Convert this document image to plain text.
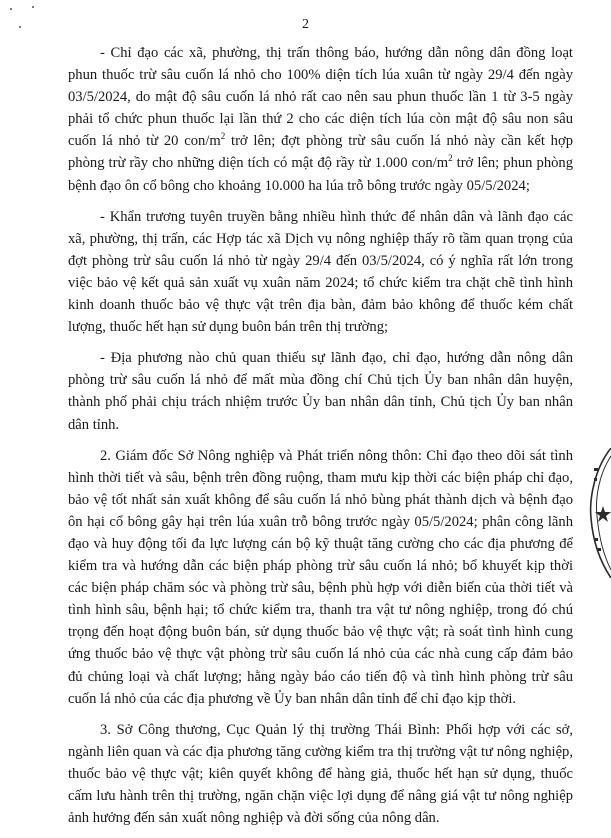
2

- Chỉ đạo các xã, phường, thị trấn thông báo, hướng dẫn nông dân đồng loạt phun thuốc trừ sâu cuốn lá nhỏ cho 100% diện tích lúa xuân từ ngày 29/4 đến ngày 03/5/2024, do mật độ sâu cuốn lá nhỏ rất cao nên sau phun thuốc lần 1 từ 3-5 ngày phải tổ chức phun thuốc lại lần thứ 2 cho các diện tích lúa còn mật độ sâu non sâu cuốn lá nhỏ từ 20 con/$m^2$ trở lên; đợt phòng trừ sâu cuốn lá nhỏ này cần kết hợp phòng trừ rầy cho những diện tích có mật độ rầy từ 1.000 con/$m^2$ trở lên; phun phòng bệnh đạo ôn cổ bông cho khoảng 10.000 ha lúa trỗ bông trước ngày 05/5/2024;

- Khẩn trương tuyên truyền bằng nhiều hình thức để nhân dân và lãnh đạo các xã, phường, thị trấn, các Hợp tác xã Dịch vụ nông nghiệp thấy rõ tầm quan trọng của đợt phòng trừ sâu cuốn lá nhỏ từ ngày 29/4 đến 03/5/2024, có ý nghĩa rất lớn trong việc bảo vệ kết quả sản xuất vụ xuân năm 2024; tổ chức kiểm tra chặt chẽ tình hình kinh doanh thuốc bảo vệ thực vật trên địa bàn, đảm bảo không để thuốc kém chất lượng, thuốc hết hạn sử dụng buôn bán trên thị trường;

- Địa phương nào chủ quan thiếu sự lãnh đạo, chỉ đạo, hướng dẫn nông dân phòng trừ sâu cuốn lá nhỏ để mất mùa đồng chí Chủ tịch Ủy ban nhân dân huyện, thành phố phải chịu trách nhiệm trước Ủy ban nhân dân tỉnh, Chủ tịch Ủy ban nhân dân tỉnh.

2. Giám đốc Sở Nông nghiệp và Phát triển nông thôn: Chỉ đạo theo dõi sát tình hình thời tiết và sâu, bệnh trên đồng ruộng, tham mưu kịp thời các biện pháp chỉ đạo, bảo vệ tốt nhất sản xuất không để sâu cuốn lá nhỏ bùng phát thành dịch và bệnh đạo ôn hại cổ bông gây hại trên lúa xuân trỗ bông trước ngày 05/5/2024; phân công lãnh đạo và huy động tối đa lực lượng cán bộ kỹ thuật tăng cường cho các địa phương để kiểm tra và hướng dẫn các biện pháp phòng trừ sâu cuốn lá nhỏ; bổ khuyết kịp thời các biện pháp chăm sóc và phòng trừ sâu, bệnh phù hợp với diễn biến của thời tiết và tình hình sâu, bệnh hại; tổ chức kiểm tra, thanh tra vật tư nông nghiệp, trong đó chú trọng đến hoạt động buôn bán, sử dụng thuốc bảo vệ thực vật; rà soát tình hình cung ứng thuốc bảo vệ thực vật phòng trừ sâu cuốn lá nhỏ của các nhà cung cấp đảm bảo đủ chủng loại và chất lượng; hằng ngày báo cáo tiến độ và tình hình phòng trừ sâu cuốn lá nhỏ của các địa phương về Ủy ban nhân dân tỉnh để chỉ đạo kịp thời.

3. Sở Công thương, Cục Quản lý thị trường Thái Bình: Phối hợp với các sở, ngành liên quan và các địa phương tăng cường kiểm tra thị trường vật tư nông nghiệp, thuốc bảo vệ thực vật; kiên quyết không để hàng giả, thuốc hết hạn sử dụng, thuốc cấm lưu hành trên thị trường, ngăn chặn việc lợi dụng để nâng giá vật tư nông nghiệp ảnh hưởng đến sản xuất nông nghiệp và đời sống của nông dân.
